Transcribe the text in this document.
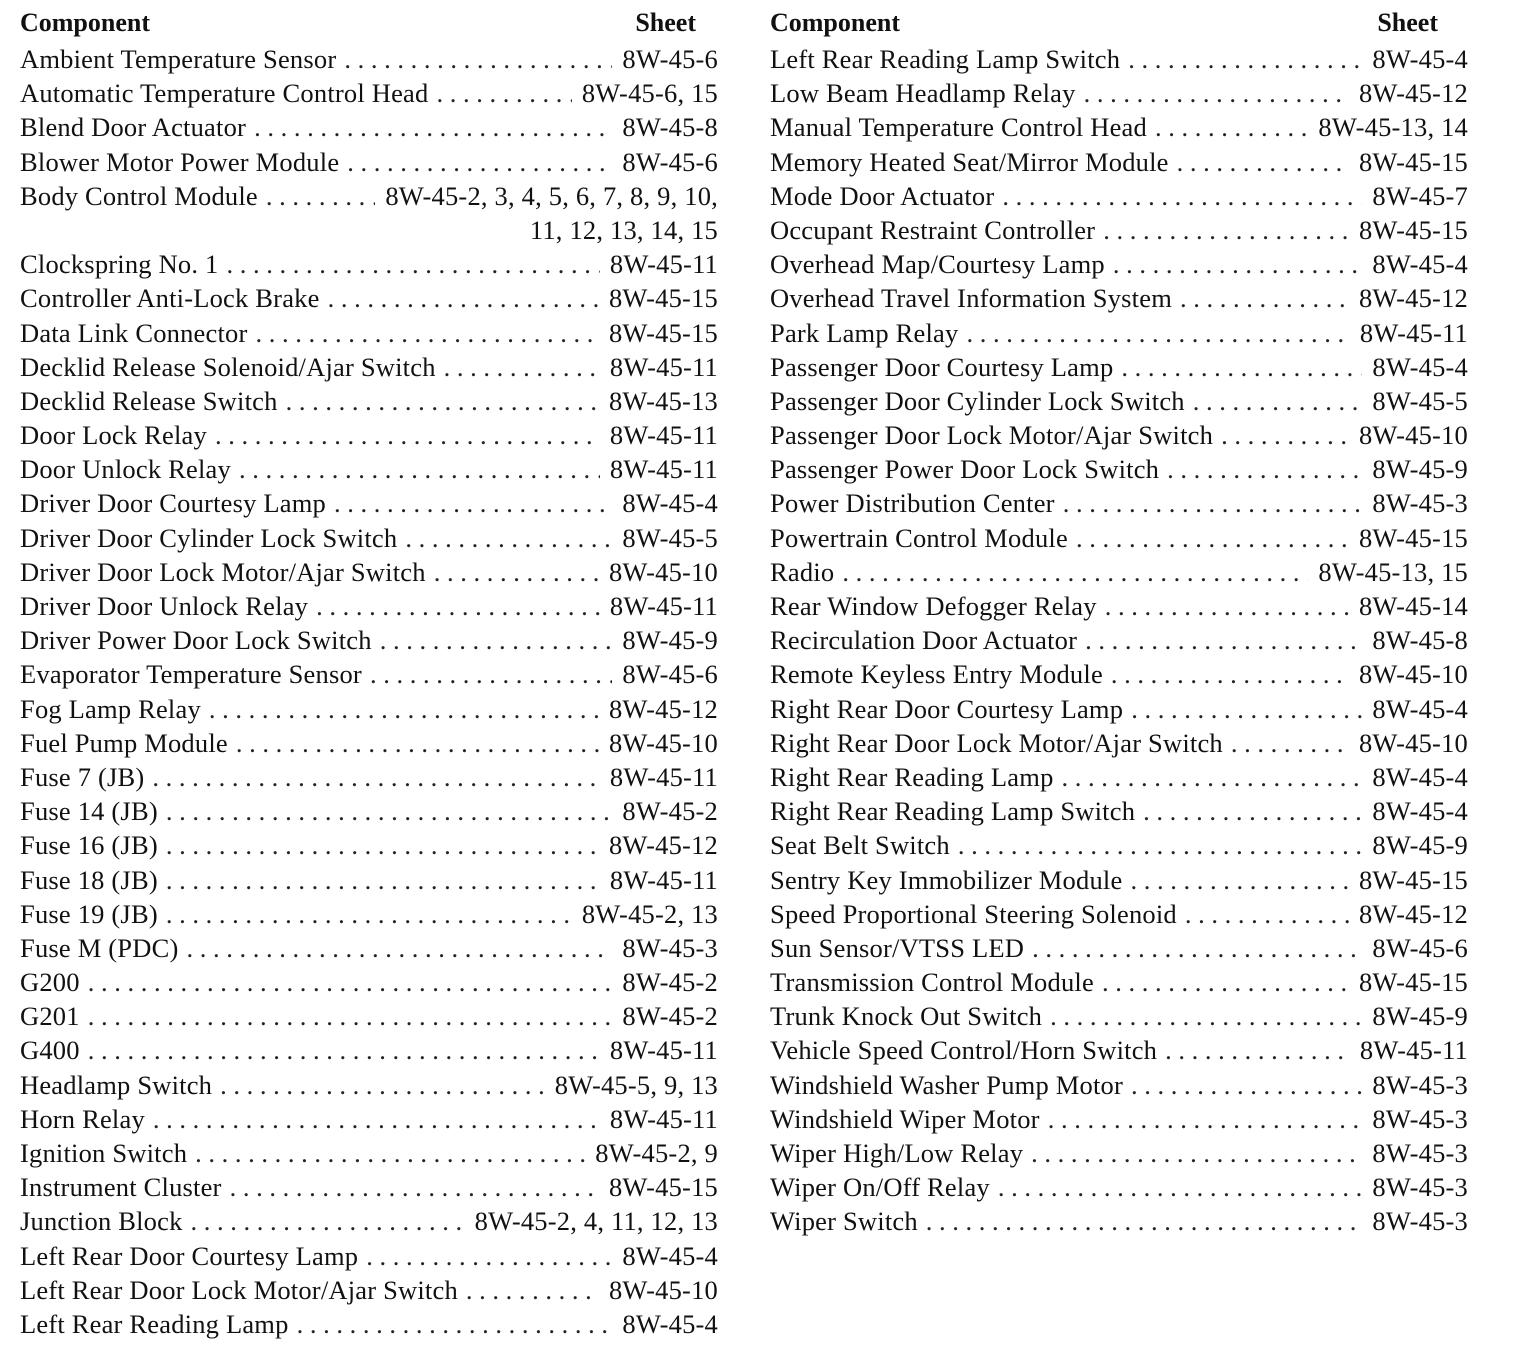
Component	Sheet
Ambient Temperature Sensor . . .	8W-45-6
Automatic Temperature Control Head . . .	8W-45-6, 15
Blend Door Actuator . . .	8W-45-8
Blower Motor Power Module . . .	8W-45-6
Body Control Module . . .	8W-45-2, 3, 4, 5, 6, 7, 8, 9, 10,
11, 12, 13, 14, 15
Clockspring No. 1 . . .	8W-45-11
Controller Anti-Lock Brake . . .	8W-45-15
Data Link Connector . . .	8W-45-15
Decklid Release Solenoid/Ajar Switch . . .	8W-45-11
Decklid Release Switch . . .	8W-45-13
Door Lock Relay . . .	8W-45-11
Door Unlock Relay . . .	8W-45-11
Driver Door Courtesy Lamp . . .	8W-45-4
Driver Door Cylinder Lock Switch . . .	8W-45-5
Driver Door Lock Motor/Ajar Switch . . .	8W-45-10
Driver Door Unlock Relay . . .	8W-45-11
Driver Power Door Lock Switch . . .	8W-45-9
Evaporator Temperature Sensor . . .	8W-45-6
Fog Lamp Relay . . .	8W-45-12
Fuel Pump Module . . .	8W-45-10
Fuse 7 (JB) . . .	8W-45-11
Fuse 14 (JB) . . .	8W-45-2
Fuse 16 (JB) . . .	8W-45-12
Fuse 18 (JB) . . .	8W-45-11
Fuse 19 (JB) . . .	8W-45-2, 13
Fuse M (PDC) . . .	8W-45-3
G200 . . .	8W-45-2
G201 . . .	8W-45-2
G400 . . .	8W-45-11
Headlamp Switch . . .	8W-45-5, 9, 13
Horn Relay . . .	8W-45-11
Ignition Switch . . .	8W-45-2, 9
Instrument Cluster . . .	8W-45-15
Junction Block . . .	8W-45-2, 4, 11, 12, 13
Left Rear Door Courtesy Lamp . . .	8W-45-4
Left Rear Door Lock Motor/Ajar Switch . . .	8W-45-10
Left Rear Reading Lamp . . .	8W-45-4
Component	Sheet
Left Rear Reading Lamp Switch . . .	8W-45-4
Low Beam Headlamp Relay . . .	8W-45-12
Manual Temperature Control Head . . .	8W-45-13, 14
Memory Heated Seat/Mirror Module . . .	8W-45-15
Mode Door Actuator . . .	8W-45-7
Occupant Restraint Controller . . .	8W-45-15
Overhead Map/Courtesy Lamp . . .	8W-45-4
Overhead Travel Information System . . .	8W-45-12
Park Lamp Relay . . .	8W-45-11
Passenger Door Courtesy Lamp . . .	8W-45-4
Passenger Door Cylinder Lock Switch . . .	8W-45-5
Passenger Door Lock Motor/Ajar Switch . . .	8W-45-10
Passenger Power Door Lock Switch . . .	8W-45-9
Power Distribution Center . . .	8W-45-3
Powertrain Control Module . . .	8W-45-15
Radio . . .	8W-45-13, 15
Rear Window Defogger Relay . . .	8W-45-14
Recirculation Door Actuator . . .	8W-45-8
Remote Keyless Entry Module . . .	8W-45-10
Right Rear Door Courtesy Lamp . . .	8W-45-4
Right Rear Door Lock Motor/Ajar Switch . . .	8W-45-10
Right Rear Reading Lamp . . .	8W-45-4
Right Rear Reading Lamp Switch . . .	8W-45-4
Seat Belt Switch . . .	8W-45-9
Sentry Key Immobilizer Module . . .	8W-45-15
Speed Proportional Steering Solenoid . . .	8W-45-12
Sun Sensor/VTSS LED . . .	8W-45-6
Transmission Control Module . . .	8W-45-15
Trunk Knock Out Switch . . .	8W-45-9
Vehicle Speed Control/Horn Switch . . .	8W-45-11
Windshield Washer Pump Motor . . .	8W-45-3
Windshield Wiper Motor . . .	8W-45-3
Wiper High/Low Relay . . .	8W-45-3
Wiper On/Off Relay . . .	8W-45-3
Wiper Switch . . .	8W-45-3
